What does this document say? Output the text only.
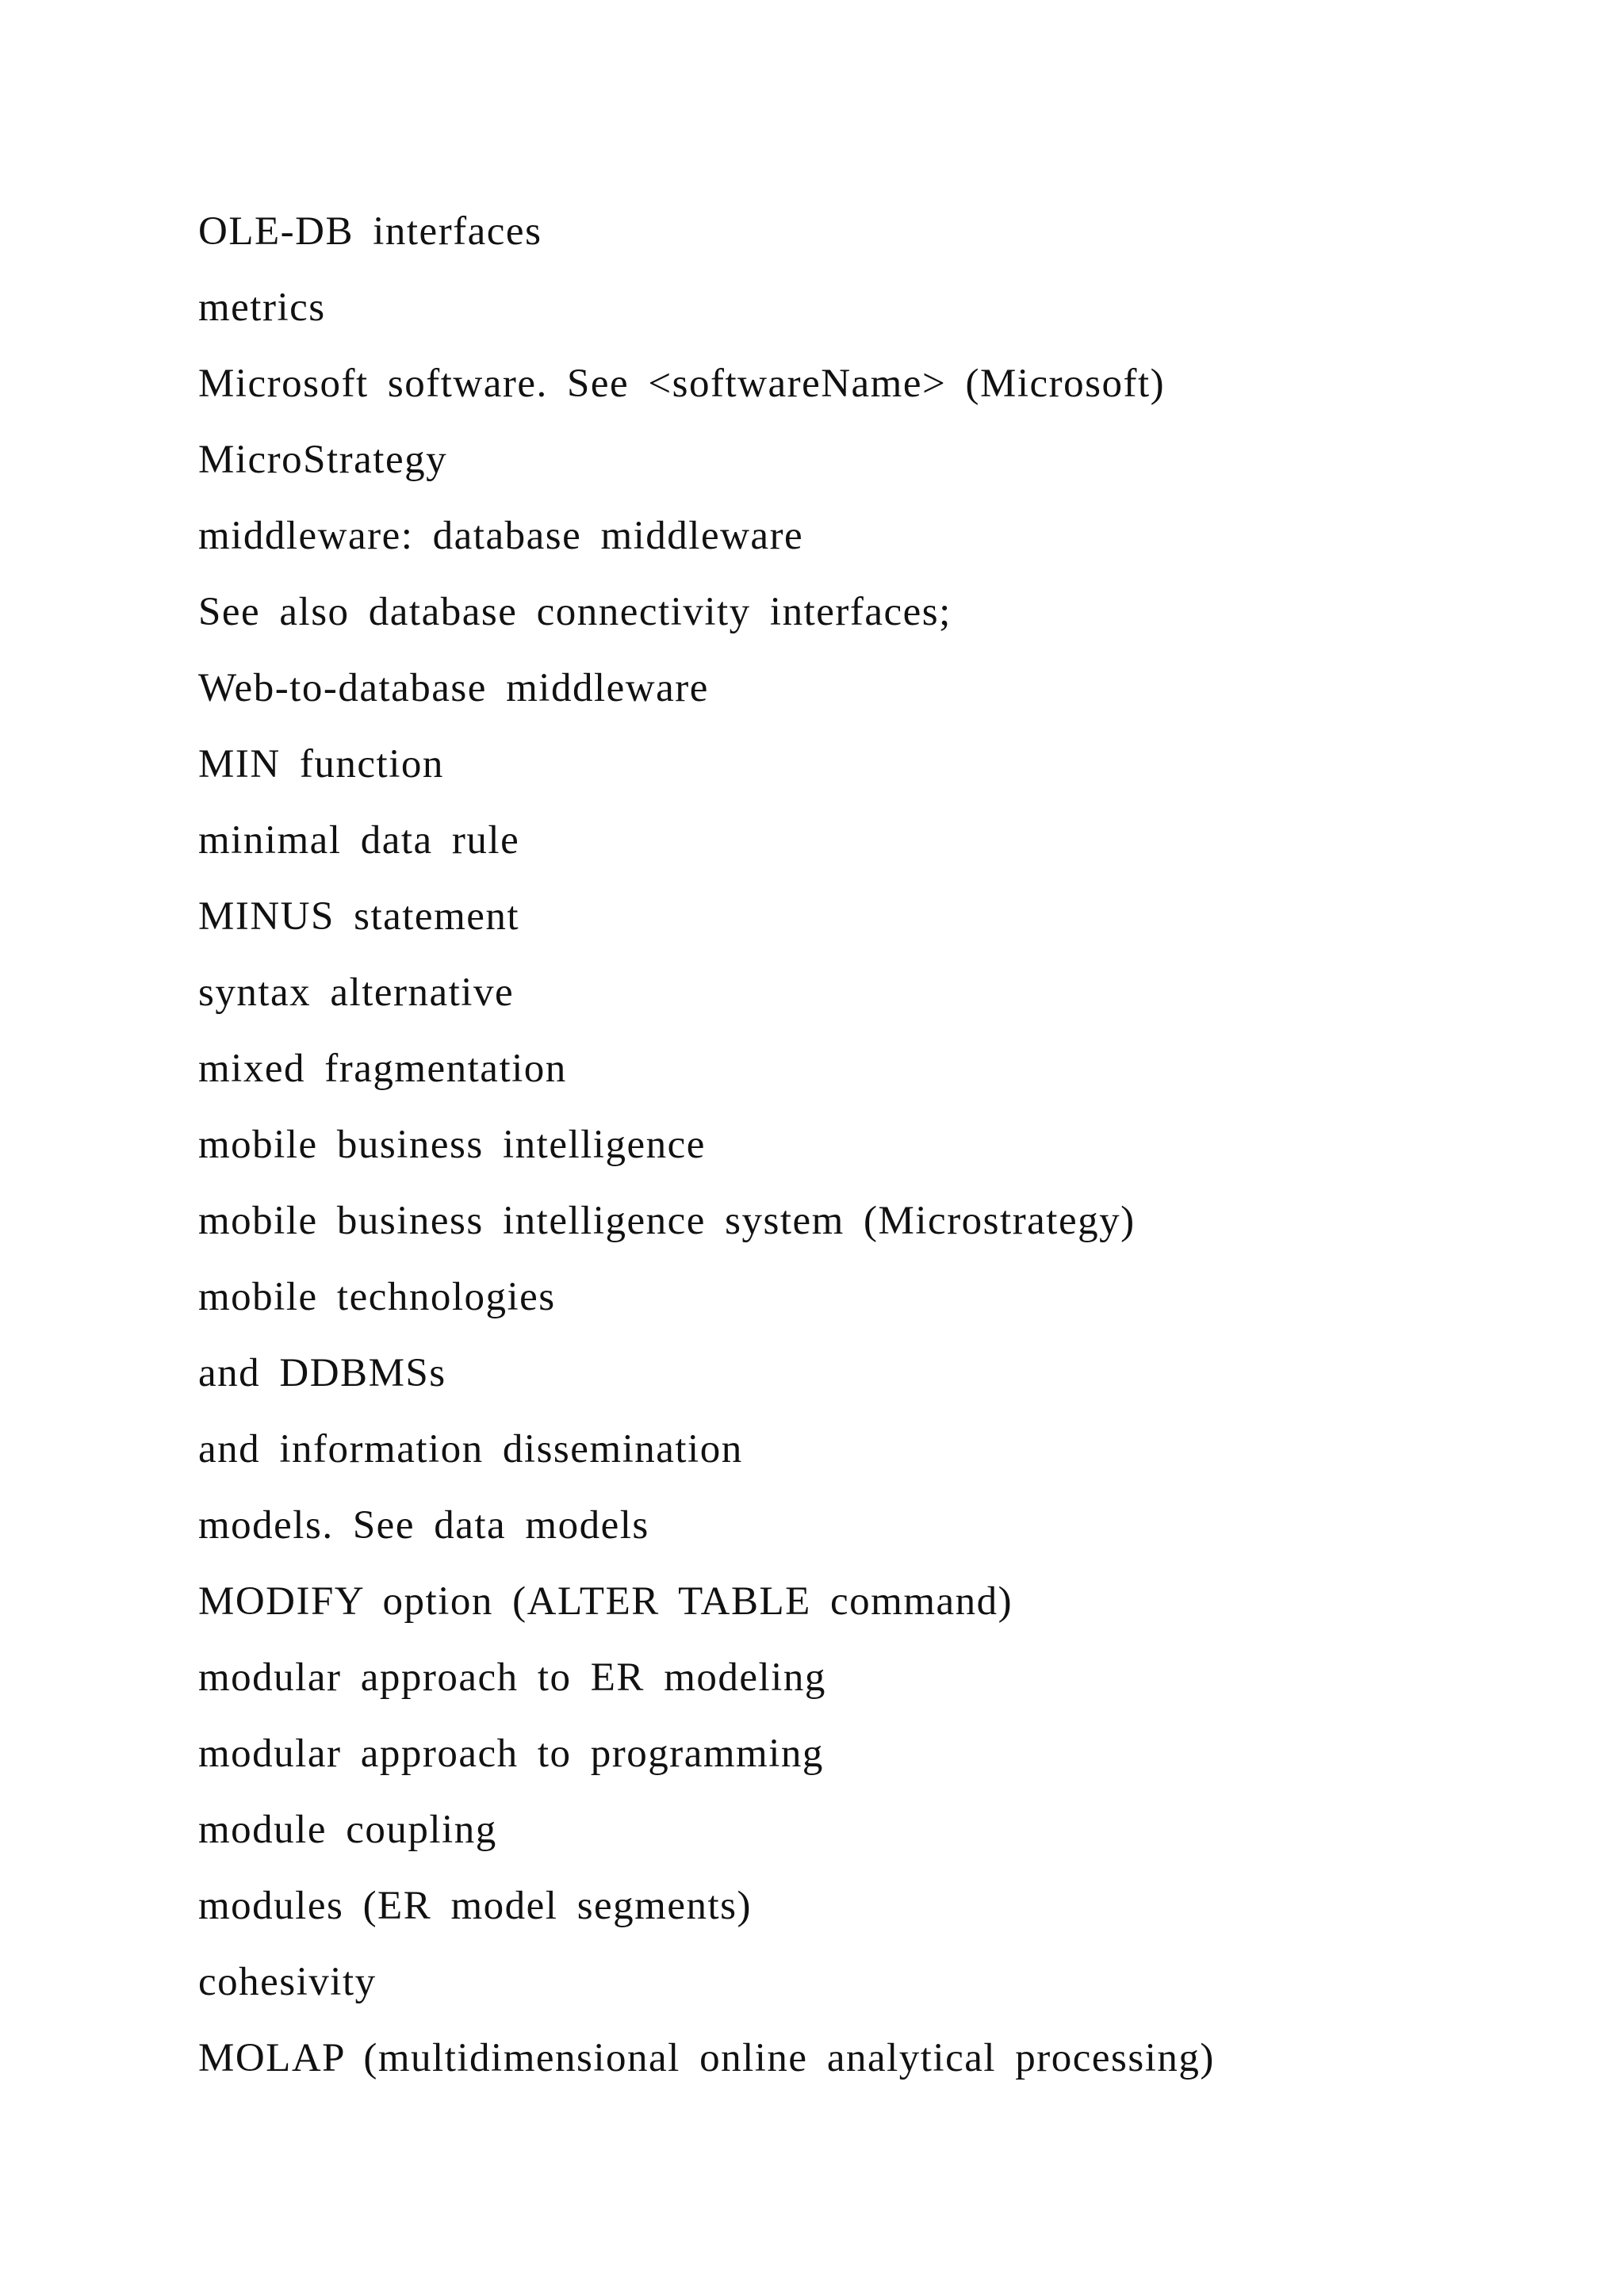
OLE-DB interfaces
metrics
Microsoft software. See <softwareName> (Microsoft)
MicroStrategy
middleware: database middleware
See also database connectivity interfaces;
Web-to-database middleware
MIN function
minimal data rule
MINUS statement
syntax alternative
mixed fragmentation
mobile business intelligence
mobile business intelligence system (Microstrategy)
mobile technologies
and DDBMSs
and information dissemination
models. See data models
MODIFY option (ALTER TABLE command)
modular approach to ER modeling
modular approach to programming
module coupling
modules (ER model segments)
cohesivity
MOLAP (multidimensional online analytical processing)
